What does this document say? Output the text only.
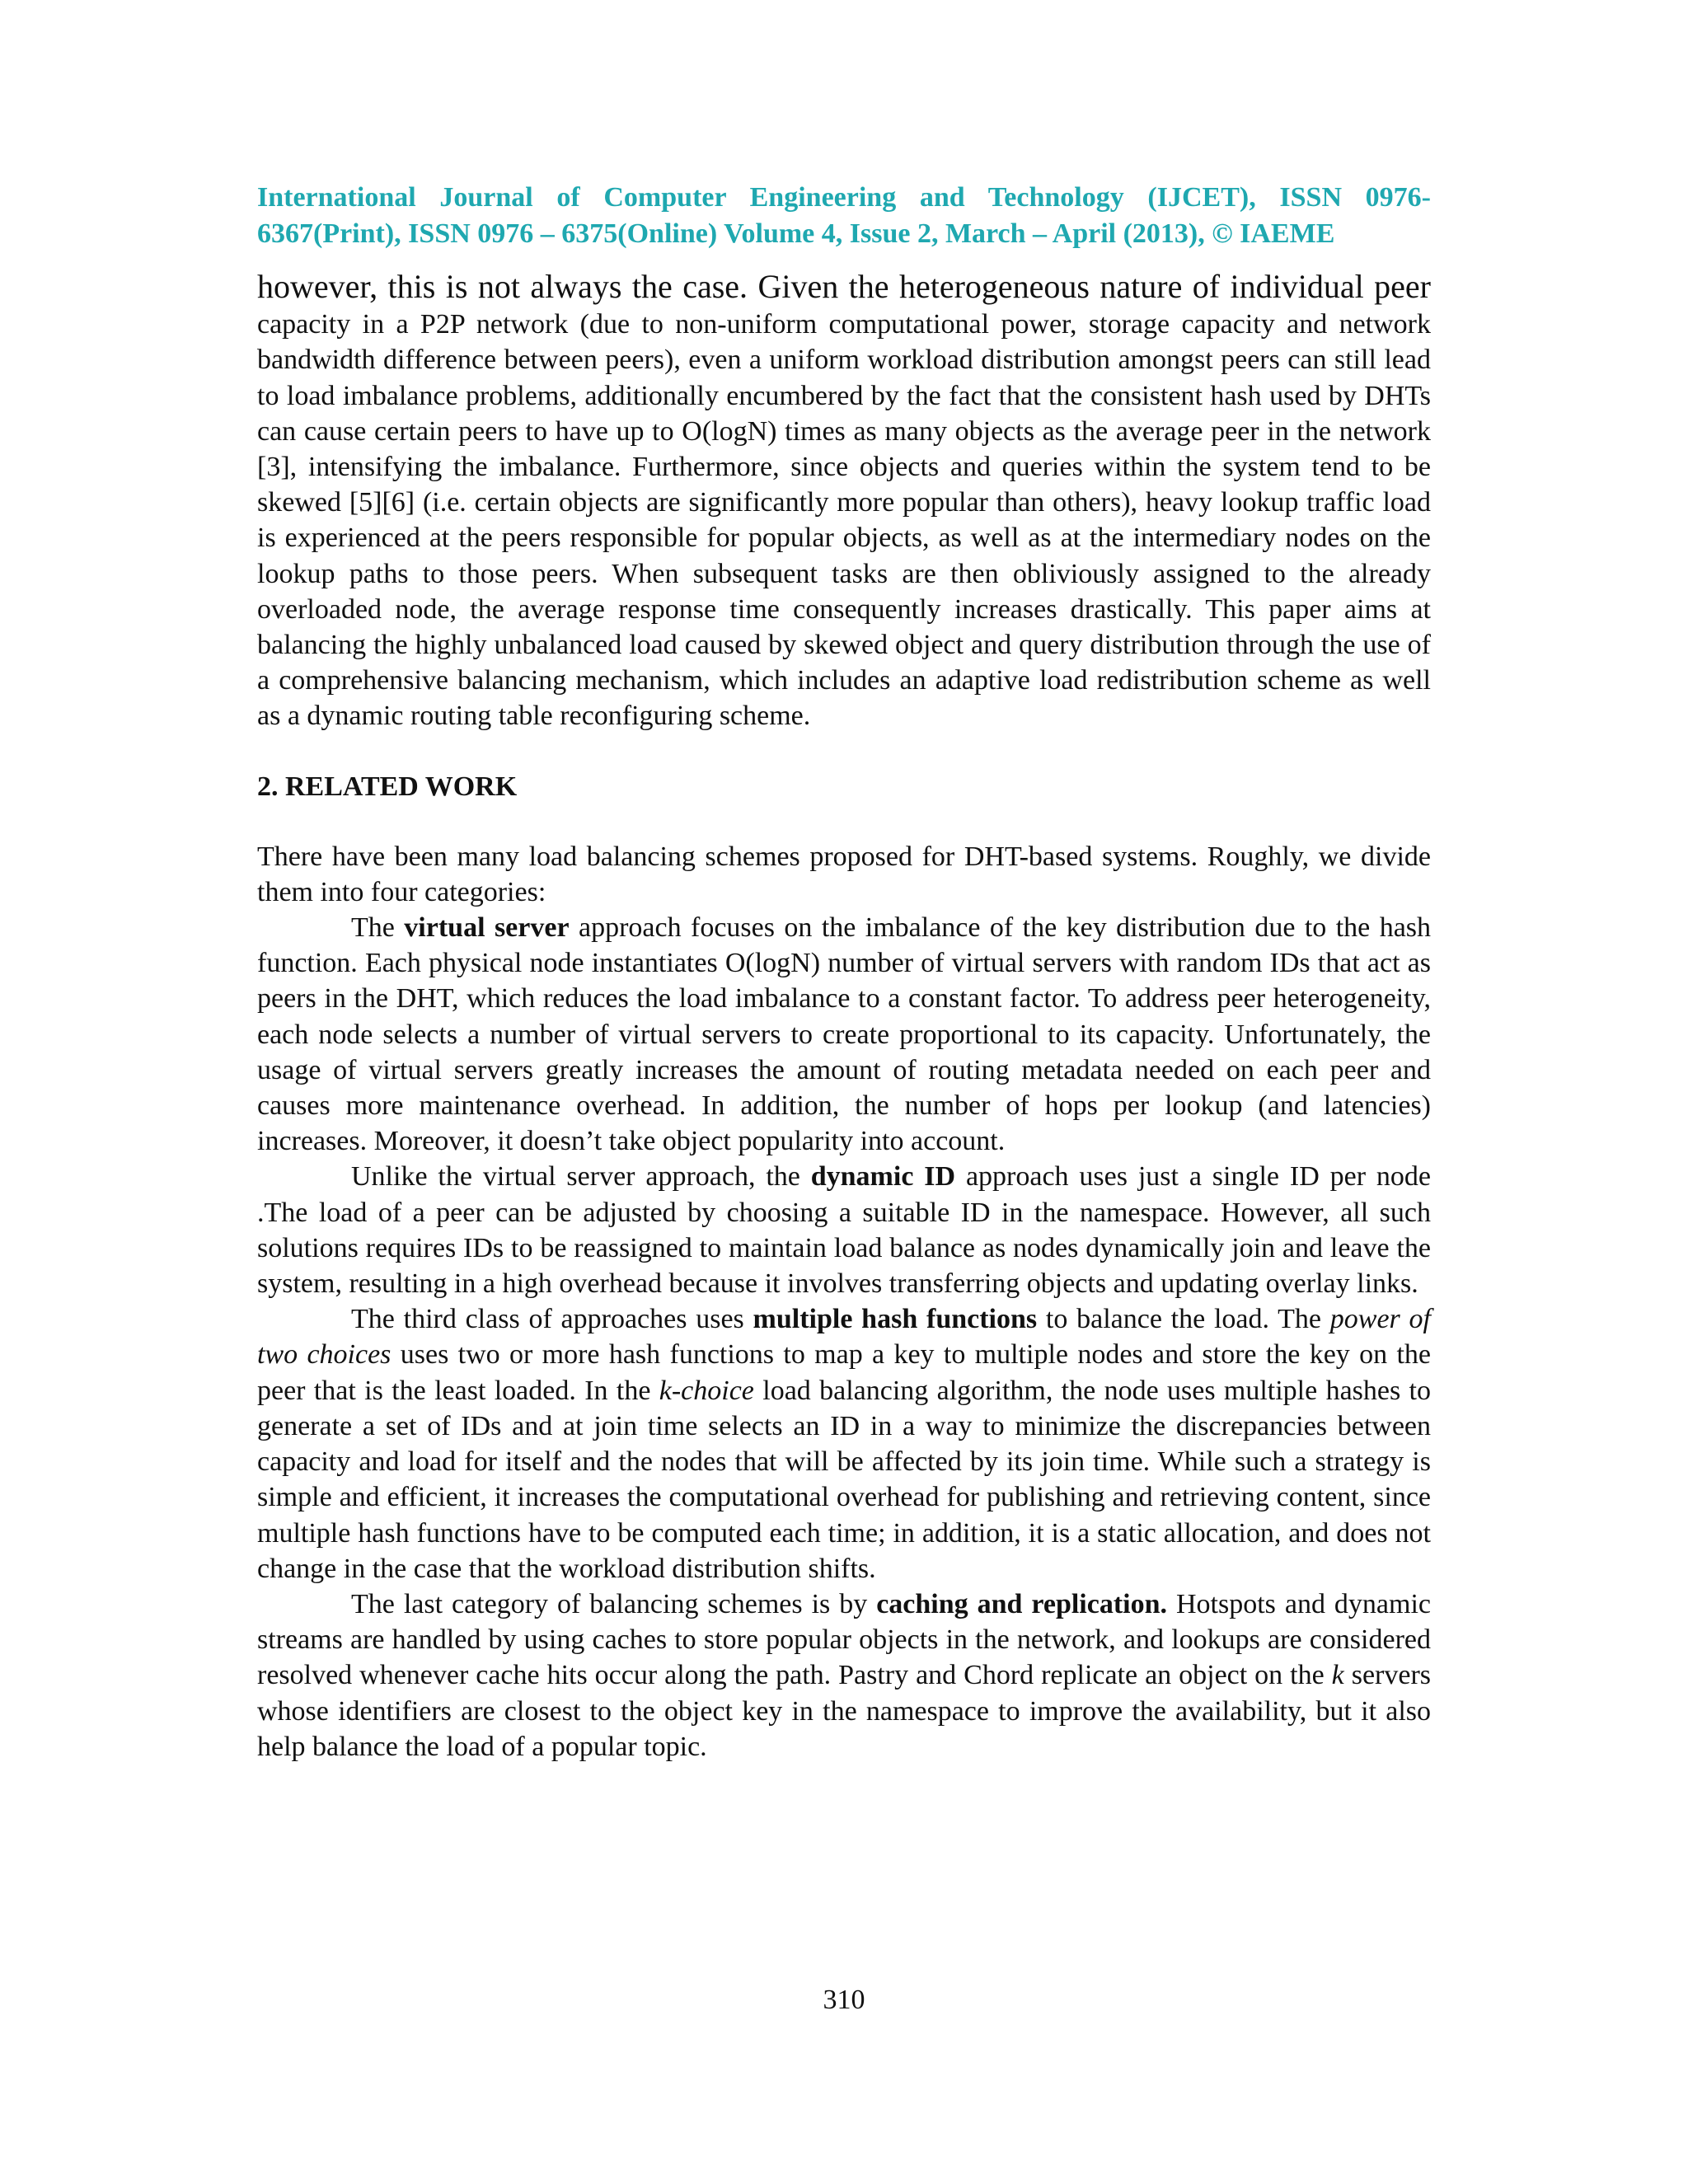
International Journal of Computer Engineering and Technology (IJCET), ISSN 0976-
6367(Print), ISSN 0976 – 6375(Online) Volume 4, Issue 2, March – April (2013), © IAEME

however, this is not always the case. Given the heterogeneous nature of individual peer capacity in a P2P network (due to non-uniform computational power, storage capacity and network bandwidth difference between peers), even a uniform workload distribution amongst peers can still lead to load imbalance problems, additionally encumbered by the fact that the consistent hash used by DHTs can cause certain peers to have up to O(logN) times as many objects as the average peer in the network [3], intensifying the imbalance. Furthermore, since objects and queries within the system tend to be skewed [5][6] (i.e. certain objects are significantly more popular than others), heavy lookup traffic load is experienced at the peers responsible for popular objects, as well as at the intermediary nodes on the lookup paths to those peers. When subsequent tasks are then obliviously assigned to the already overloaded node, the average response time consequently increases drastically. This paper aims at balancing the highly unbalanced load caused by skewed object and query distribution through the use of a comprehensive balancing mechanism, which includes an adaptive load redistribution scheme as well as a dynamic routing table reconfiguring scheme.

2. RELATED WORK

There have been many load balancing schemes proposed for DHT-based systems. Roughly, we divide them into four categories:

The virtual server approach focuses on the imbalance of the key distribution due to the hash function. Each physical node instantiates O(logN) number of virtual servers with random IDs that act as peers in the DHT, which reduces the load imbalance to a constant factor. To address peer heterogeneity, each node selects a number of virtual servers to create proportional to its capacity. Unfortunately, the usage of virtual servers greatly increases the amount of routing metadata needed on each peer and causes more maintenance overhead. In addition, the number of hops per lookup (and latencies) increases. Moreover, it doesn’t take object popularity into account.

Unlike the virtual server approach, the dynamic ID approach uses just a single ID per node .The load of a peer can be adjusted by choosing a suitable ID in the namespace. However, all such solutions requires IDs to be reassigned to maintain load balance as nodes dynamically join and leave the system, resulting in a high overhead because it involves transferring objects and updating overlay links.

The third class of approaches uses multiple hash functions to balance the load. The power of two choices uses two or more hash functions to map a key to multiple nodes and store the key on the peer that is the least loaded. In the k-choice load balancing algorithm, the node uses multiple hashes to generate a set of IDs and at join time selects an ID in a way to minimize the discrepancies between capacity and load for itself and the nodes that will be affected by its join time. While such a strategy is simple and efficient, it increases the computational overhead for publishing and retrieving content, since multiple hash functions have to be computed each time; in addition, it is a static allocation, and does not change in the case that the workload distribution shifts.

The last category of balancing schemes is by caching and replication. Hotspots and dynamic streams are handled by using caches to store popular objects in the network, and lookups are considered resolved whenever cache hits occur along the path. Pastry and Chord replicate an object on the k servers whose identifiers are closest to the object key in the namespace to improve the availability, but it also help balance the load of a popular topic.

310
